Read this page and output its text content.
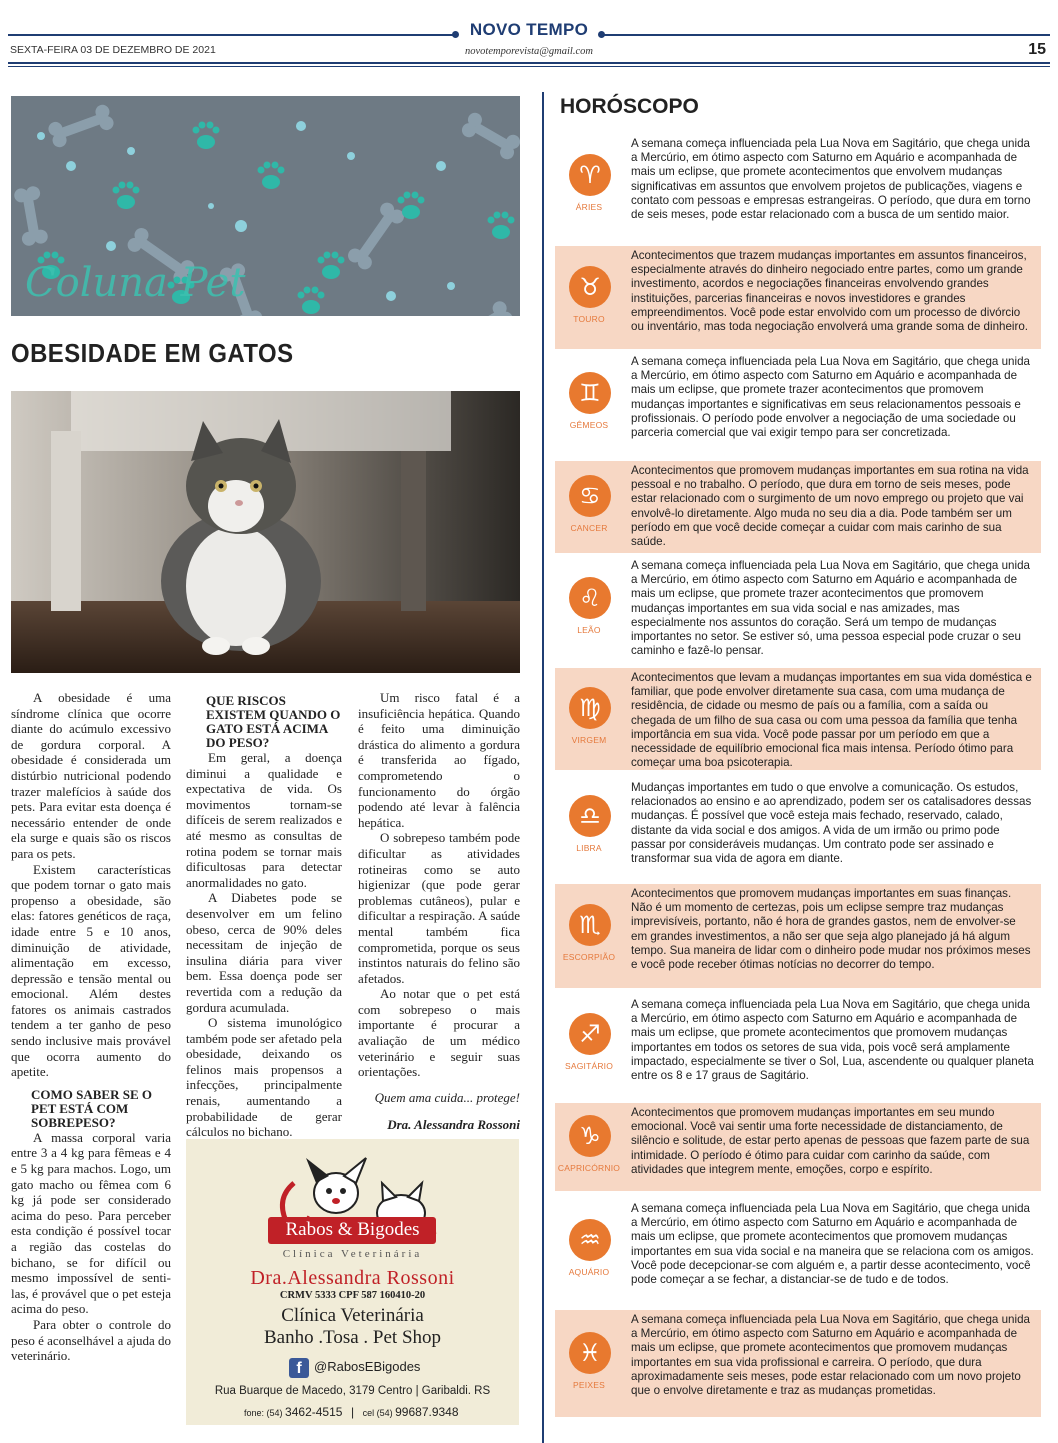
NOVO TEMPO
SEXTA-FEIRA 03 DE DEZEMBRO DE 2021	novotemporevista@gmail.com	15
Coluna Pet
OBESIDADE EM GATOS

A obesidade é uma síndrome clínica que ocorre diante do acúmulo excessivo de gordura corporal. A obesidade é considerada um distúrbio nutricional podendo trazer malefícios à saúde dos pets. Para evitar esta doença é necessário entender de onde ela surge e quais são os riscos para os pets.

Existem características que podem tornar o gato mais propenso a obesidade, são elas: fatores genéticos de raça, idade entre 5 e 10 anos, diminuição de atividade, alimentação em excesso, depressão e tensão mental ou emocional. Além destes fatores os animais castrados tendem a ter ganho de peso sendo inclusive mais provável que ocorra aumento do apetite.

COMO SABER SE O PET ESTÁ COM SOBREPESO?

A massa corporal varia entre 3 a 4 kg para fêmeas e 4 e 5 kg para machos. Logo, um gato macho ou fêmea com 6 kg já pode ser considerado acima do peso. Para perceber esta condição é possível tocar a região das costelas do bichano, se for difícil ou mesmo impossível de senti-las, é provável que o pet esteja acima do peso.

Para obter o controle do peso é aconselhável a ajuda do veterinário.

QUE RISCOS EXISTEM QUANDO O GATO ESTÁ ACIMA DO PESO?

Em geral, a doença diminui a qualidade e expectativa de vida. Os movimentos tornam-se difíceis de serem realizados e até mesmo as consultas de rotina podem se tornar mais dificultosas para detectar anormalidades no gato.

A Diabetes pode se desenvolver em um felino obeso, cerca de 90% deles necessitam de injeção de insulina diária para viver bem. Essa doença pode ser revertida com a redução da gordura acumulada.

O sistema imunológico também pode ser afetado pela obesidade, deixando os felinos mais propensos a infecções, principalmente renais, aumentando a probabilidade de gerar cálculos no bichano.

Um risco fatal é a insuficiência hepática. Quando é feito uma diminuição drástica do alimento a gordura é transferida ao fígado, comprometendo o funcionamento do órgão podendo até levar à falência hepática.

O sobrepeso também pode dificultar as atividades rotineiras como se auto higienizar (que pode gerar problemas cutâneos), pular e dificultar a respiração. A saúde mental também fica comprometida, porque os seus instintos naturais do felino são afetados.

Ao notar que o pet está com sobrepeso o mais importante é procurar a avaliação de um médico veterinário e seguir suas orientações.

Quem ama cuida... protege!

Dra. Alessandra Rossoni

Rabos & Bigodes
Clínica Veterinária
Dra.Alessandra Rossoni
CRMV 5333 CPF 587 160410-20
Clínica Veterinária
Banho .Tosa . Pet Shop
f @RabosEBigodes
Rua Buarque de Macedo, 3179 Centro | Garibaldi. RS
fone: (54) 3462-4515 | cel (54) 99687.9348
HORÓSCOPO
♈
ÁRIES
A semana começa influenciada pela Lua Nova em Sagitário, que chega unida a Mercúrio, em ótimo aspecto com Saturno em Aquário e acompanhada de mais um eclipse, que promete acontecimentos que envolvem mudanças significativas em assuntos que envolvem projetos de publicações, viagens e contato com pessoas e empresas estrangeiras. O período, que dura em torno de seis meses, pode estar relacionado com a busca de um sentido maior.
♉
TOURO
Acontecimentos que trazem mudanças importantes em assuntos financeiros, especialmente através do dinheiro negociado entre partes, como um grande investimento, acordos e negociações financeiras envolvendo grandes instituições, parcerias financeiras e novos investidores e grandes empreendimentos. Você pode estar envolvido com um processo de divórcio ou inventário, mas toda negociação envolverá uma grande soma de dinheiro.
♊
GÊMEOS
A semana começa influenciada pela Lua Nova em Sagitário, que chega unida a Mercúrio, em ótimo aspecto com Saturno em Aquário e acompanhada de mais um eclipse, que promete trazer acontecimentos que promovem mudanças importantes e significativas em seus relacionamentos pessoais e profissionais. O período pode envolver a negociação de uma sociedade ou parceria comercial que vai exigir tempo para ser concretizada.
♋
CANCER
Acontecimentos que promovem mudanças importantes em sua rotina na vida pessoal e no trabalho. O período, que dura em torno de seis meses, pode estar relacionado com o surgimento de um novo emprego ou projeto que vai envolvê-lo diretamente. Algo muda no seu dia a dia. Pode também ser um período em que você decide começar a cuidar com mais carinho de sua saúde.
♌
LEÃO
A semana começa influenciada pela Lua Nova em Sagitário, que chega unida a Mercúrio, em ótimo aspecto com Saturno em Aquário e acompanhada de mais um eclipse, que promete trazer acontecimentos que promovem mudanças importantes em sua vida social e nas amizades, mas especialmente nos assuntos do coração. Será um tempo de mudanças importantes no setor. Se estiver só, uma pessoa especial pode cruzar o seu caminho e fazê-lo pensar.
♍
VIRGEM
Acontecimentos que levam a mudanças importantes em sua vida doméstica e familiar, que pode envolver diretamente sua casa, com uma mudança de residência, de cidade ou mesmo de país ou a família, com a saída ou chegada de um filho de sua casa ou com uma pessoa da família que tenha importância em sua vida. Você pode passar por um período em que a necessidade de equilíbrio emocional fica mais intensa. Período ótimo para começar uma boa psicoterapia.
♎
LIBRA
Mudanças importantes em tudo o que envolve a comunicação. Os estudos, relacionados ao ensino e ao aprendizado, podem ser os catalisadores dessas mudanças. É possível que você esteja mais fechado, reservado, calado, distante da vida social e dos amigos. A vida de um irmão ou primo pode passar por consideráveis mudanças. Um contrato pode ser assinado e transformar sua vida de agora em diante.
♏
ESCORPIÃO
Acontecimentos que promovem mudanças importantes em suas finanças. Não é um momento de certezas, pois um eclipse sempre traz mudanças imprevisíveis, portanto, não é hora de grandes gastos, nem de envolver-se em grandes investimentos, a não ser que seja algo planejado já há algum tempo. Sua maneira de lidar com o dinheiro pode mudar nos próximos meses e você pode receber ótimas notícias no decorrer do tempo.
♐
SAGITÁRIO
A semana começa influenciada pela Lua Nova em Sagitário, que chega unida a Mercúrio, em ótimo aspecto com Saturno em Aquário e acompanhada de mais um eclipse, que promete acontecimentos que promovem mudanças importantes em todos os setores de sua vida, pois você será amplamente impactado, especialmente se tiver o Sol, Lua, ascendente ou qualquer planeta entre os 8 e 17 graus de Sagitário.
♑
CAPRICÓRNIO
Acontecimentos que promovem mudanças importantes em seu mundo emocional. Você vai sentir uma forte necessidade de distanciamento, de silêncio e solitude, de estar perto apenas de pessoas que fazem parte de sua intimidade. O período é ótimo para cuidar com carinho da saúde, com atividades que integrem mente, emoções, corpo e espírito.
♒
AQUÁRIO
A semana começa influenciada pela Lua Nova em Sagitário, que chega unida a Mercúrio, em ótimo aspecto com Saturno em Aquário e acompanhada de mais um eclipse, que promete acontecimentos que promovem mudanças importantes em sua vida social e na maneira que se relaciona com os amigos. Você pode decepcionar-se com alguém e, a partir desse acontecimento, você pode começar a se fechar, a distanciar-se de tudo e de todos.
♓
PEIXES
A semana começa influenciada pela Lua Nova em Sagitário, que chega unida a Mercúrio, em ótimo aspecto com Saturno em Aquário e acompanhada de mais um eclipse, que promete acontecimentos que promovem mudanças importantes em sua vida profissional e carreira. O período, que dura aproximadamente seis meses, pode estar relacionado com um novo projeto que o envolve diretamente e traz as mudanças prometidas.
